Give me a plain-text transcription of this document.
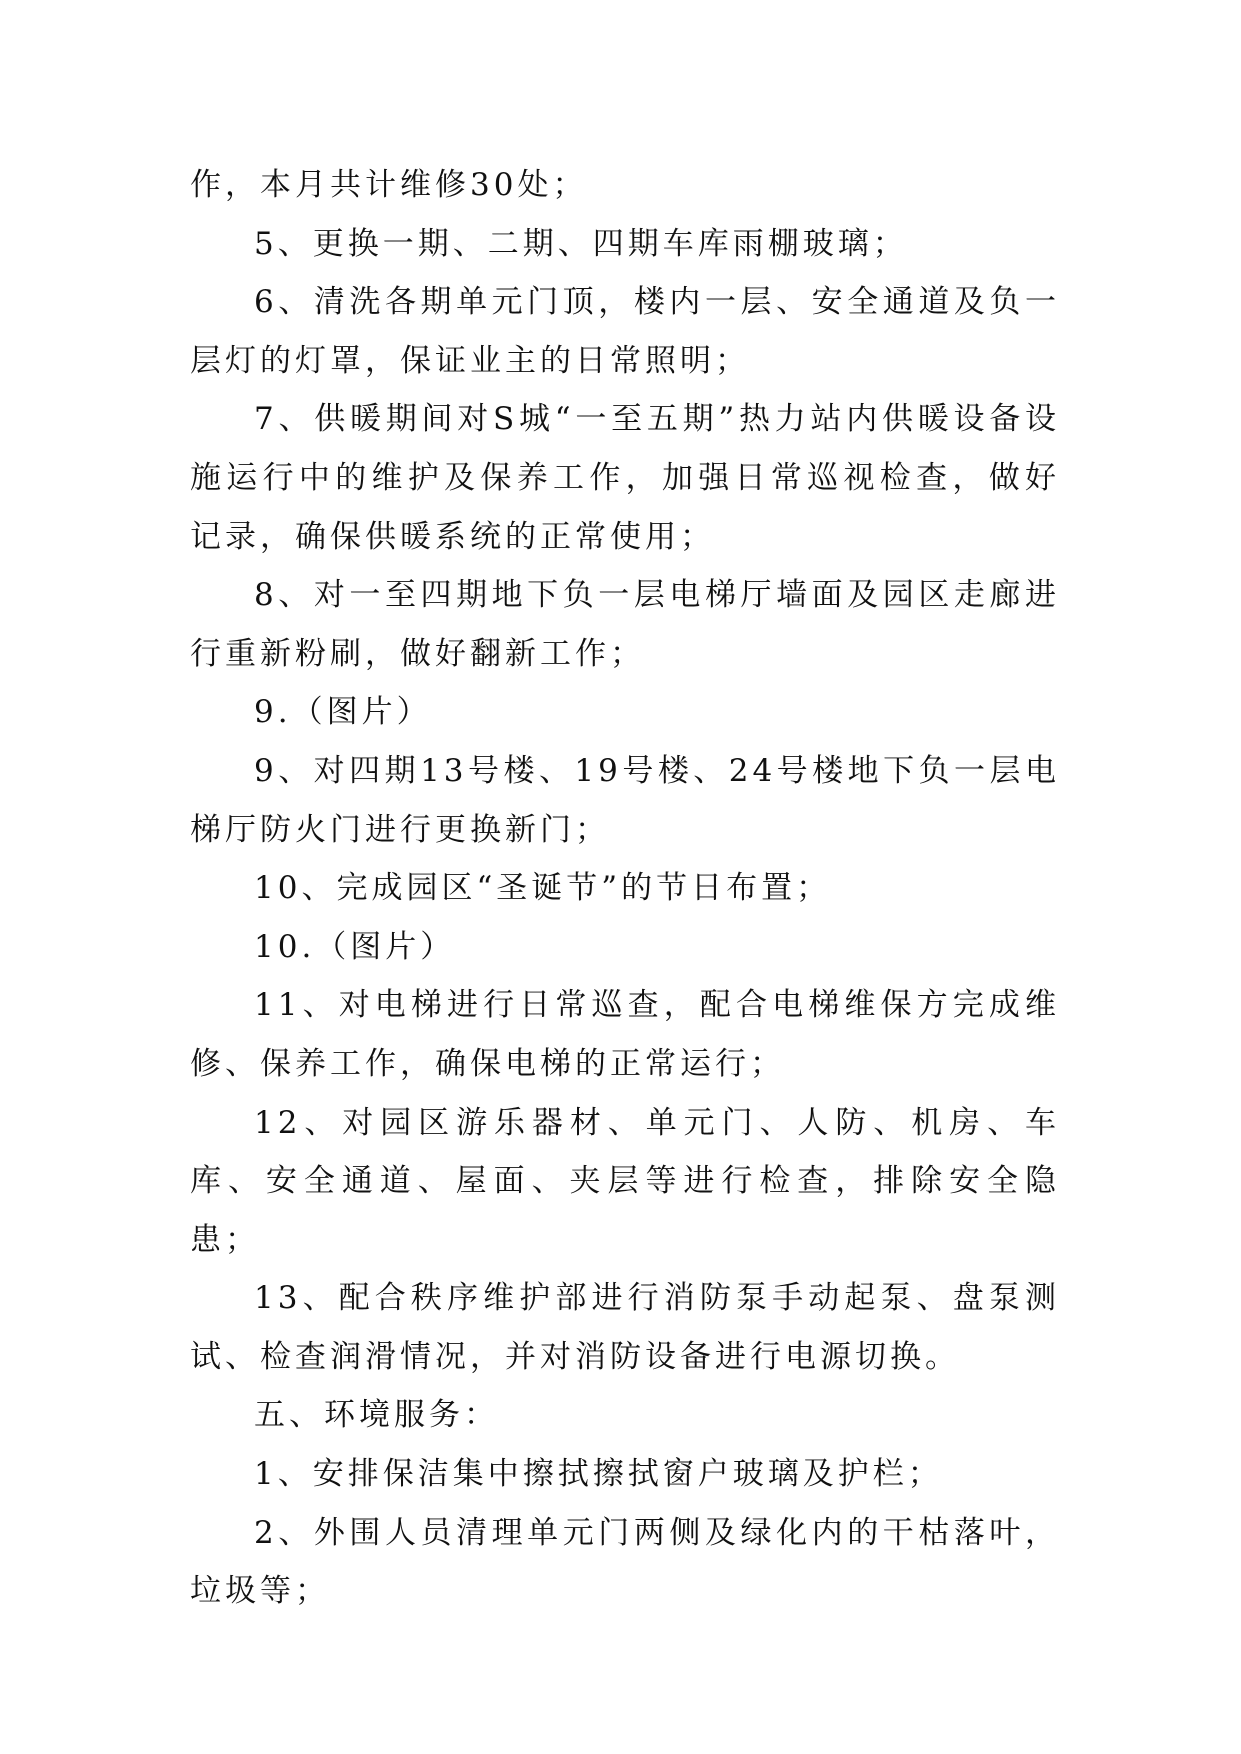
作，本月共计维修30处；

5、更换一期、二期、四期车库雨棚玻璃；

6、清洗各期单元门顶，楼内一层、安全通道及负一层灯的灯罩，保证业主的日常照明；

7、供暖期间对S城“一至五期”热力站内供暖设备设施运行中的维护及保养工作，加强日常巡视检查，做好记录，确保供暖系统的正常使用；

8、对一至四期地下负一层电梯厅墙面及园区走廊进行重新粉刷，做好翻新工作；

9.（图片）

9、对四期13号楼、19号楼、24号楼地下负一层电梯厅防火门进行更换新门；

10、完成园区“圣诞节”的节日布置；

10.（图片）

11、对电梯进行日常巡查，配合电梯维保方完成维修、保养工作，确保电梯的正常运行；

12、对园区游乐器材、单元门、人防、机房、车库、安全通道、屋面、夹层等进行检查，排除安全隐患；

13、配合秩序维护部进行消防泵手动起泵、盘泵测试、检查润滑情况，并对消防设备进行电源切换。

五、环境服务：

1、安排保洁集中擦拭擦拭窗户玻璃及护栏；

2、外围人员清理单元门两侧及绿化内的干枯落叶，垃圾等；
